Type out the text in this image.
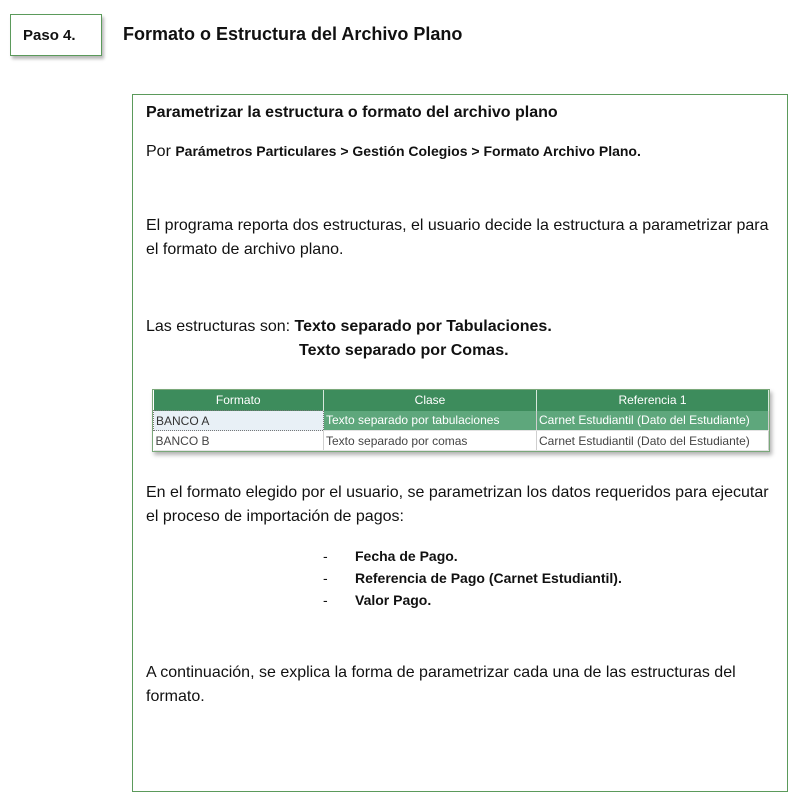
Paso 4.	Formato o Estructura del Archivo Plano
Parametrizar la estructura o formato del archivo plano
Por Parámetros Particulares > Gestión Colegios > Formato Archivo Plano.
El programa reporta dos estructuras, el usuario decide la estructura a parametrizar para el formato de archivo plano.
Las estructuras son: Texto separado por Tabulaciones.
Texto separado por Comas.
Formato	Clase	Referencia 1
BANCO A	Texto separado por tabulaciones	Carnet Estudiantil (Dato del Estudiante)
BANCO B	Texto separado por comas	Carnet Estudiantil (Dato del Estudiante)
En el formato elegido por el usuario, se parametrizan los datos requeridos para ejecutar el proceso de importación de pagos:
-	Fecha de Pago.
-	Referencia de Pago (Carnet Estudiantil).
-	Valor Pago.
A continuación, se explica la forma de parametrizar cada una de las estructuras del formato.
